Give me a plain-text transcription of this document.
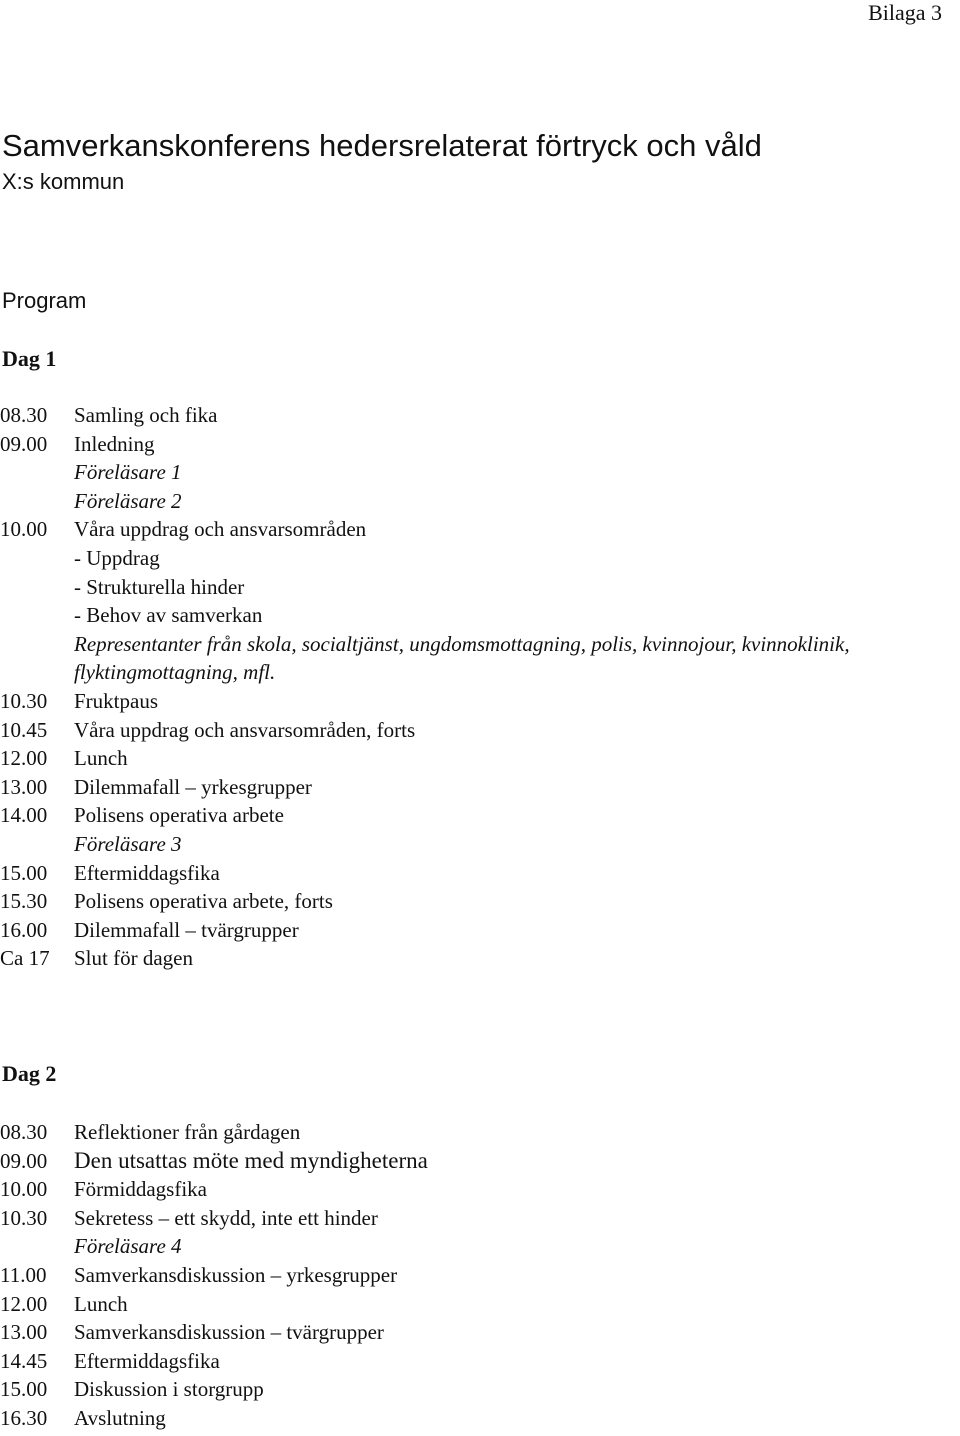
Bilaga 3
Samverkanskonferens hedersrelaterat förtryck och våld
X:s kommun
Program
Dag 1
08.30	Samling och fika
09.00	Inledning
Föreläsare 1
Föreläsare 2
10.00	Våra uppdrag och ansvarsområden
- Uppdrag
- Strukturella hinder
- Behov av samverkan
Representanter från skola, socialtjänst, ungdomsmottagning, polis, kvinnojour, kvinnoklinik,
flyktingmottagning, mfl.
10.30	Fruktpaus
10.45	Våra uppdrag och ansvarsområden, forts
12.00	Lunch
13.00	Dilemmafall – yrkesgrupper
14.00	Polisens operativa arbete
Föreläsare 3
15.00	Eftermiddagsfika
15.30	Polisens operativa arbete, forts
16.00	Dilemmafall – tvärgrupper
Ca 17	Slut för dagen
Dag 2
08.30	Reflektioner från gårdagen
09.00	Den utsattas möte med myndigheterna
10.00	Förmiddagsfika
10.30	Sekretess – ett skydd, inte ett hinder
Föreläsare 4
11.00	Samverkansdiskussion – yrkesgrupper
12.00	Lunch
13.00	Samverkansdiskussion – tvärgrupper
14.45	Eftermiddagsfika
15.00	Diskussion i storgrupp
16.30	Avslutning
